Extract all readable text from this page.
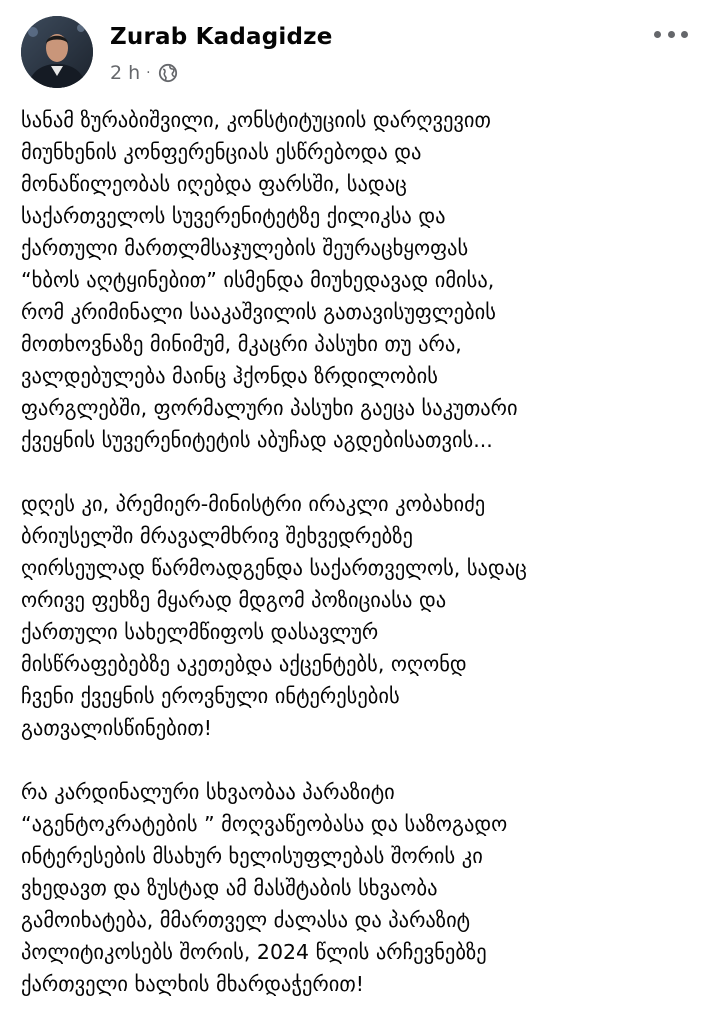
Zurab Kadagidze
2 h ·
სანამ ზურაბიშვილი, კონსტიტუციის დარღვევით
მიუნხენის კონფერენციას ესწრებოდა და
მონაწილეობას იღებდა ფარსში, სადაც
საქართველოს სუვერენიტეტზე ქილიკსა და
ქართული მართლმსაჯულების შეურაცხყოფას
“ხბოს აღტყინებით” ისმენდა მიუხედავად იმისა,
რომ კრიმინალი სააკაშვილის გათავისუფლების
მოთხოვნაზე მინიმუმ, მკაცრი პასუხი თუ არა,
ვალდებულება მაინც ჰქონდა ზრდილობის
ფარგლებში, ფორმალური პასუხი გაეცა საკუთარი
ქვეყნის სუვერენიტეტის აბუჩად აგდებისათვის...
დღეს კი, პრემიერ-მინისტრი ირაკლი კობახიძე
ბრიუსელში მრავალმხრივ შეხვედრებზე
ღირსეულად წარმოადგენდა საქართველოს, სადაც
ორივე ფეხზე მყარად მდგომ პოზიციასა და
ქართული სახელმწიფოს დასავლურ
მისწრაფებებზე აკეთებდა აქცენტებს, ოღონდ
ჩვენი ქვეყნის ეროვნული ინტერესების
გათვალისწინებით!
რა კარდინალური სხვაობაა პარაზიტი
“აგენტოკრატების ” მოღვაწეობასა და საზოგადო
ინტერესების მსახურ ხელისუფლებას შორის კი
ვხედავთ და ზუსტად ამ მასშტაბის სხვაობა
გამოიხატება, მმართველ ძალასა და პარაზიტ
პოლიტიკოსებს შორის, 2024 წლის არჩევნებზე
ქართველი ხალხის მხარდაჭერით!
